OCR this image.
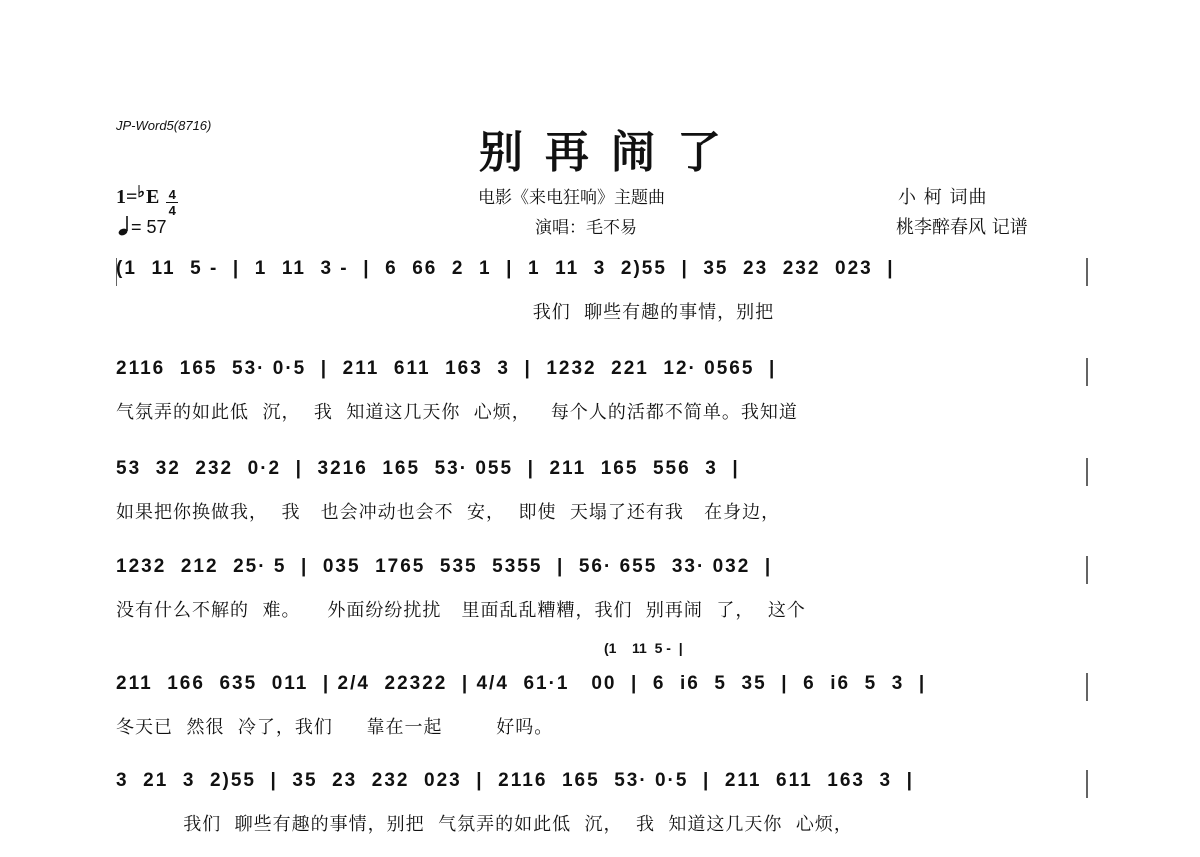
JP-Word5(8716)
别再闹了
$1=^♭E \frac{4}{4}$
= 57
电影《来电狂响》主题曲
演唱：毛不易
小 柯 词曲
桃李醉春风 记谱
(1  11  5 -  |  1  11  3 -  |  6  66  2  1  |  1  11  3  2)55  |  35  23  232  023  |
我们  聊些有趣的事情，别把
2116  165  53· 0·5  |  211  611  163  3  |  1232  221  12· 0565  |
气氛弄的如此低  沉，  我  知道这几天你  心烦，   每个人的活都不简单。我知道
53  32  232  0·2  |  3216  165  53· 055  |  211  165  556  3  |
如果把你换做我，  我   也会冲动也会不  安，  即使  天塌了还有我   在身边，
1232  212  25· 5  |  035  1765  535  5355  |  56· 655  33· 032  |
没有什么不解的  难。    外面纷纷扰扰   里面乱乱糟糟，我们  别再闹  了，  这个
(1    11  5 -  |
211  166  635  011  | 2/4  22322  | 4/4  61·1   00  |  6  i6  5  35  |  6  i6  5  3  |
冬天已  然很  冷了，我们     靠在一起        好吗。
3  21  3  2)55  |  35  23  232  023  |  2116  165  53· 0·5  |  211  611  163  3  |
我们  聊些有趣的事情，别把  气氛弄的如此低  沉，  我  知道这几天你  心烦，
